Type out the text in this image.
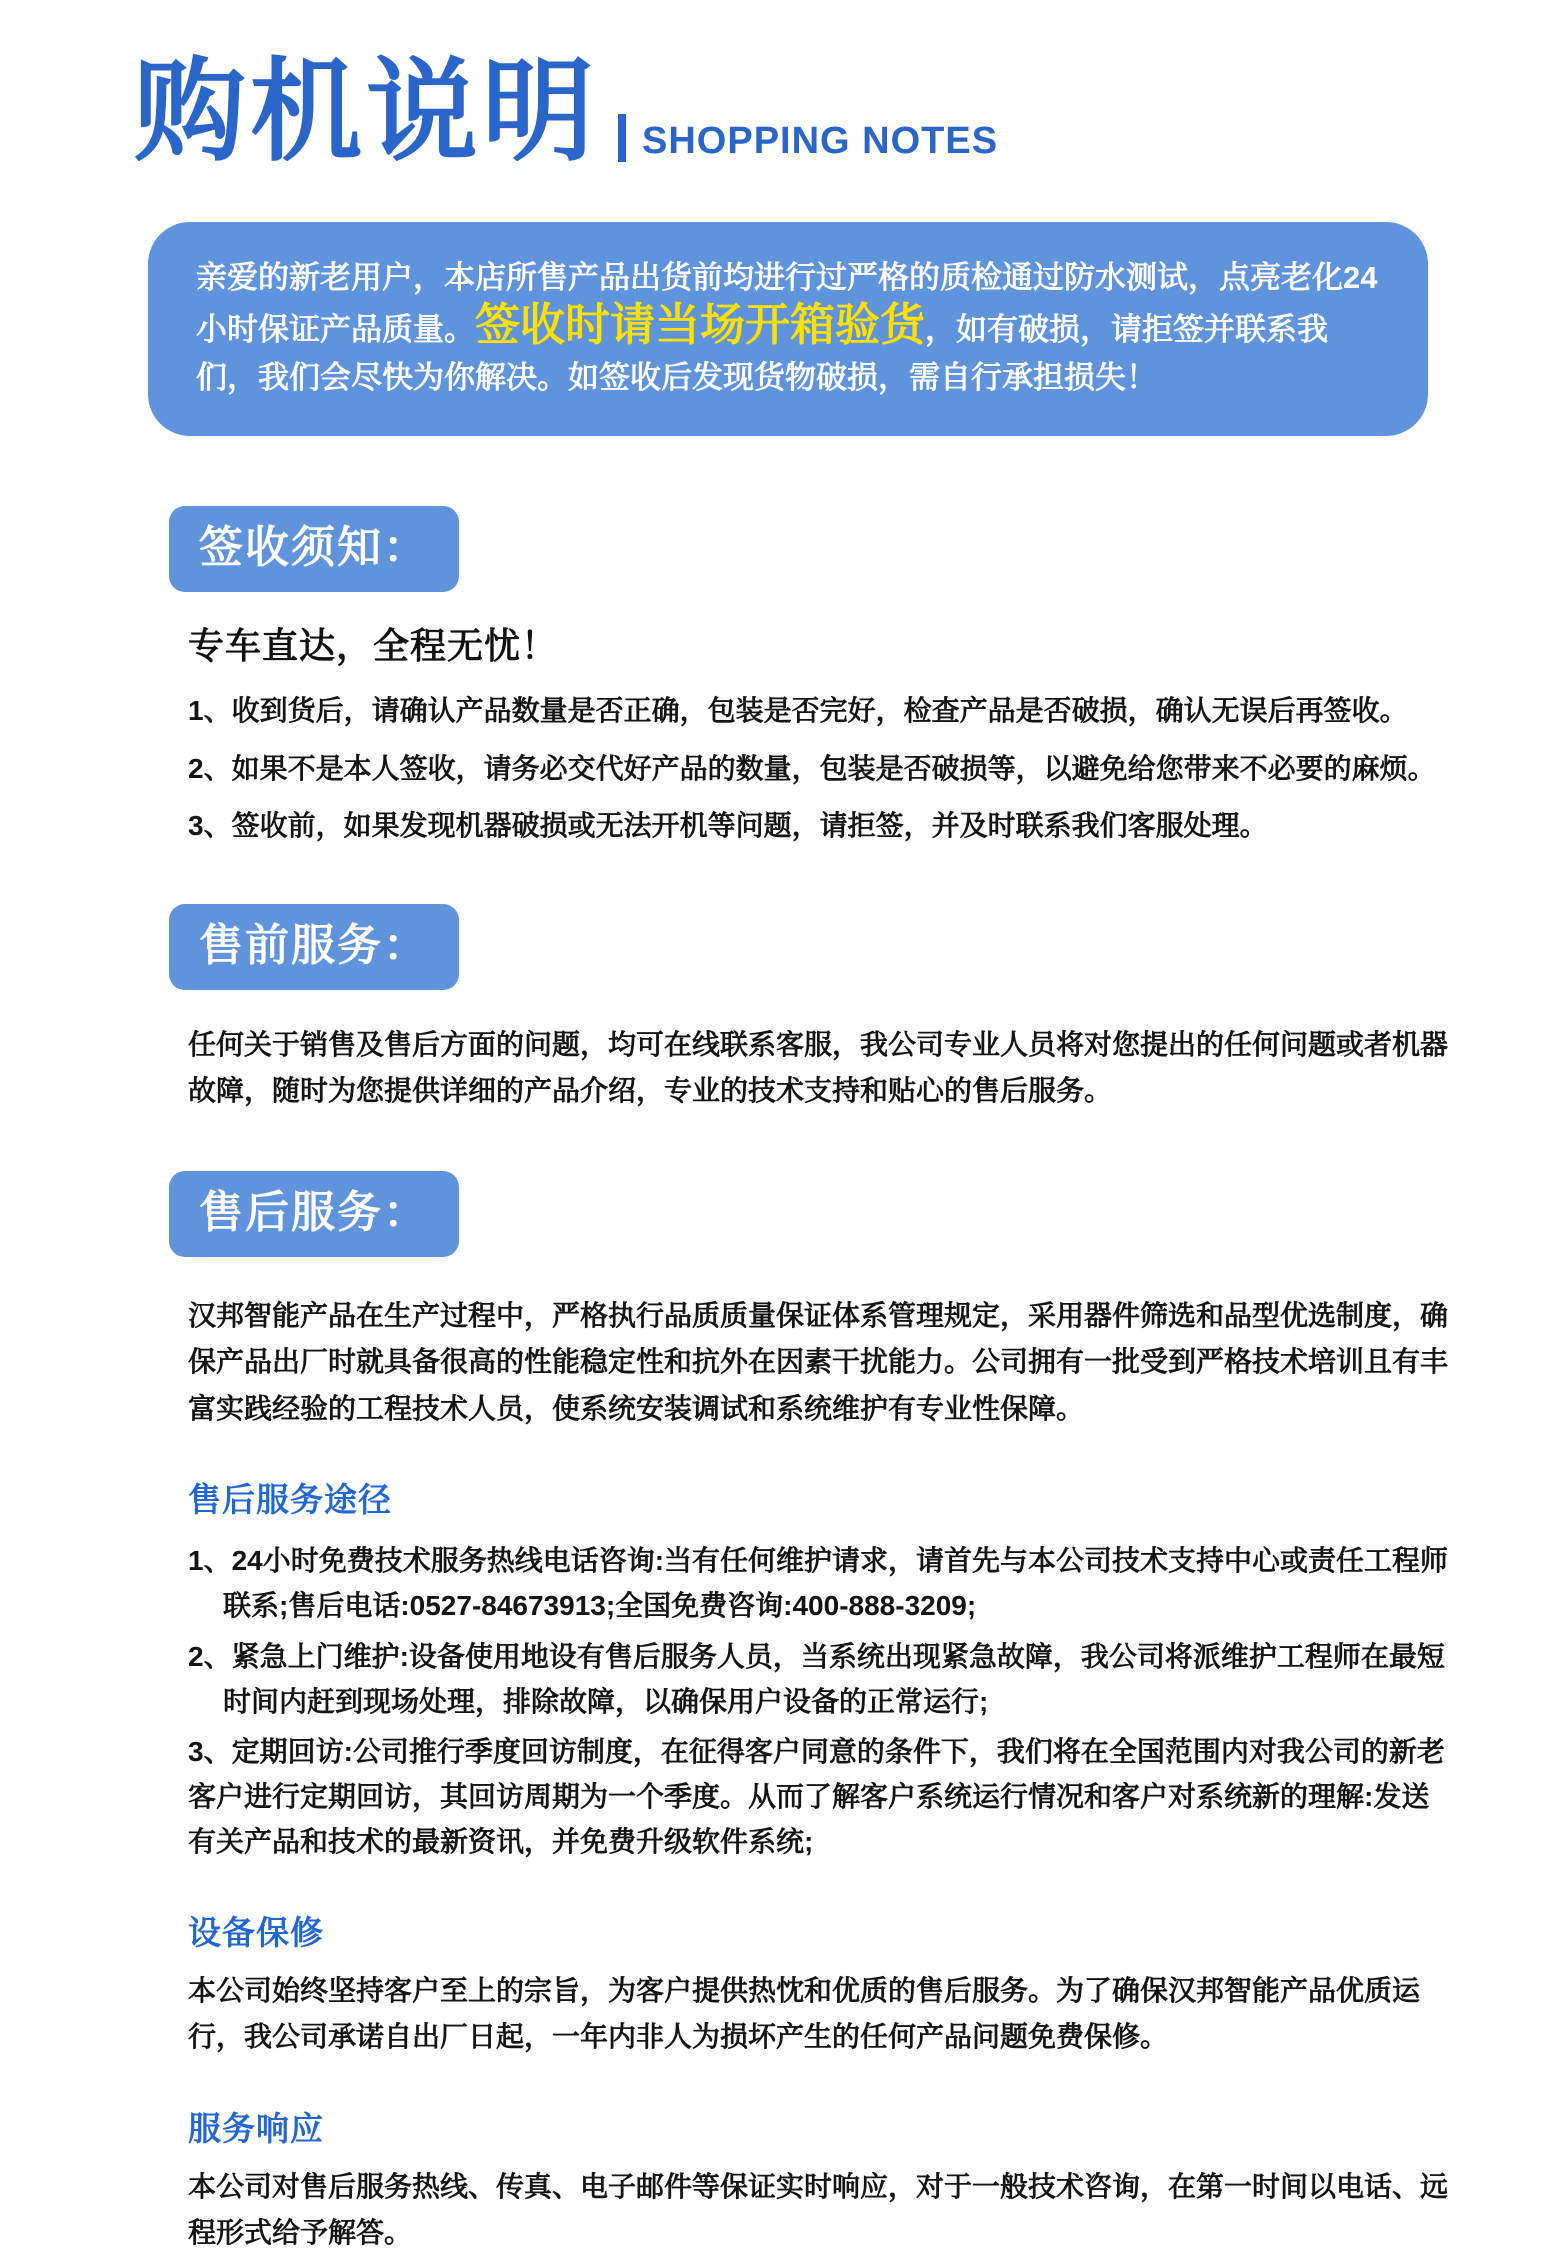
购机说明 SHOPPING NOTES
亲爱的新老用户，本店所售产品出货前均进行过严格的质检通过防水测试，点亮老化24小时保证产品质量。签收时请当场开箱验货，如有破损，请拒签并联系我们，我们会尽快为你解决。如签收后发现货物破损，需自行承担损失！
签收须知：
专车直达，全程无忧！
1、收到货后，请确认产品数量是否正确，包装是否完好，检查产品是否破损，确认无误后再签收。
2、如果不是本人签收，请务必交代好产品的数量，包装是否破损等，以避免给您带来不必要的麻烦。
3、签收前，如果发现机器破损或无法开机等问题，请拒签，并及时联系我们客服处理。
售前服务：

任何关于销售及售后方面的问题，均可在线联系客服，我公司专业人员将对您提出的任何问题或者机器故障，随时为您提供详细的产品介绍，专业的技术支持和贴心的售后服务。

售后服务：

汉邦智能产品在生产过程中，严格执行品质质量保证体系管理规定，采用器件筛选和品型优选制度，确保产品出厂时就具备很高的性能稳定性和抗外在因素干扰能力。公司拥有一批受到严格技术培训且有丰富实践经验的工程技术人员，使系统安装调试和系统维护有专业性保障。

售后服务途径
1、24小时免费技术服务热线电话咨询:当有任何维护请求，请首先与本公司技术支持中心或责任工程师联系;售后电话:0527-84673913;全国免费咨询:400-888-3209;
2、紧急上门维护:设备使用地设有售后服务人员，当系统出现紧急故障，我公司将派维护工程师在最短时间内赶到现场处理，排除故障，以确保用户设备的正常运行;
3、定期回访:公司推行季度回访制度，在征得客户同意的条件下，我们将在全国范围内对我公司的新老客户进行定期回访，其回访周期为一个季度。从而了解客户系统运行情况和客户对系统新的理解:发送有关产品和技术的最新资讯，并免费升级软件系统;
设备保修

本公司始终坚持客户至上的宗旨，为客户提供热忱和优质的售后服务。为了确保汉邦智能产品优质运行，我公司承诺自出厂日起，一年内非人为损坏产生的任何产品问题免费保修。

服务响应

本公司对售后服务热线、传真、电子邮件等保证实时响应，对于一般技术咨询，在第一时间以电话、远程形式给予解答。
